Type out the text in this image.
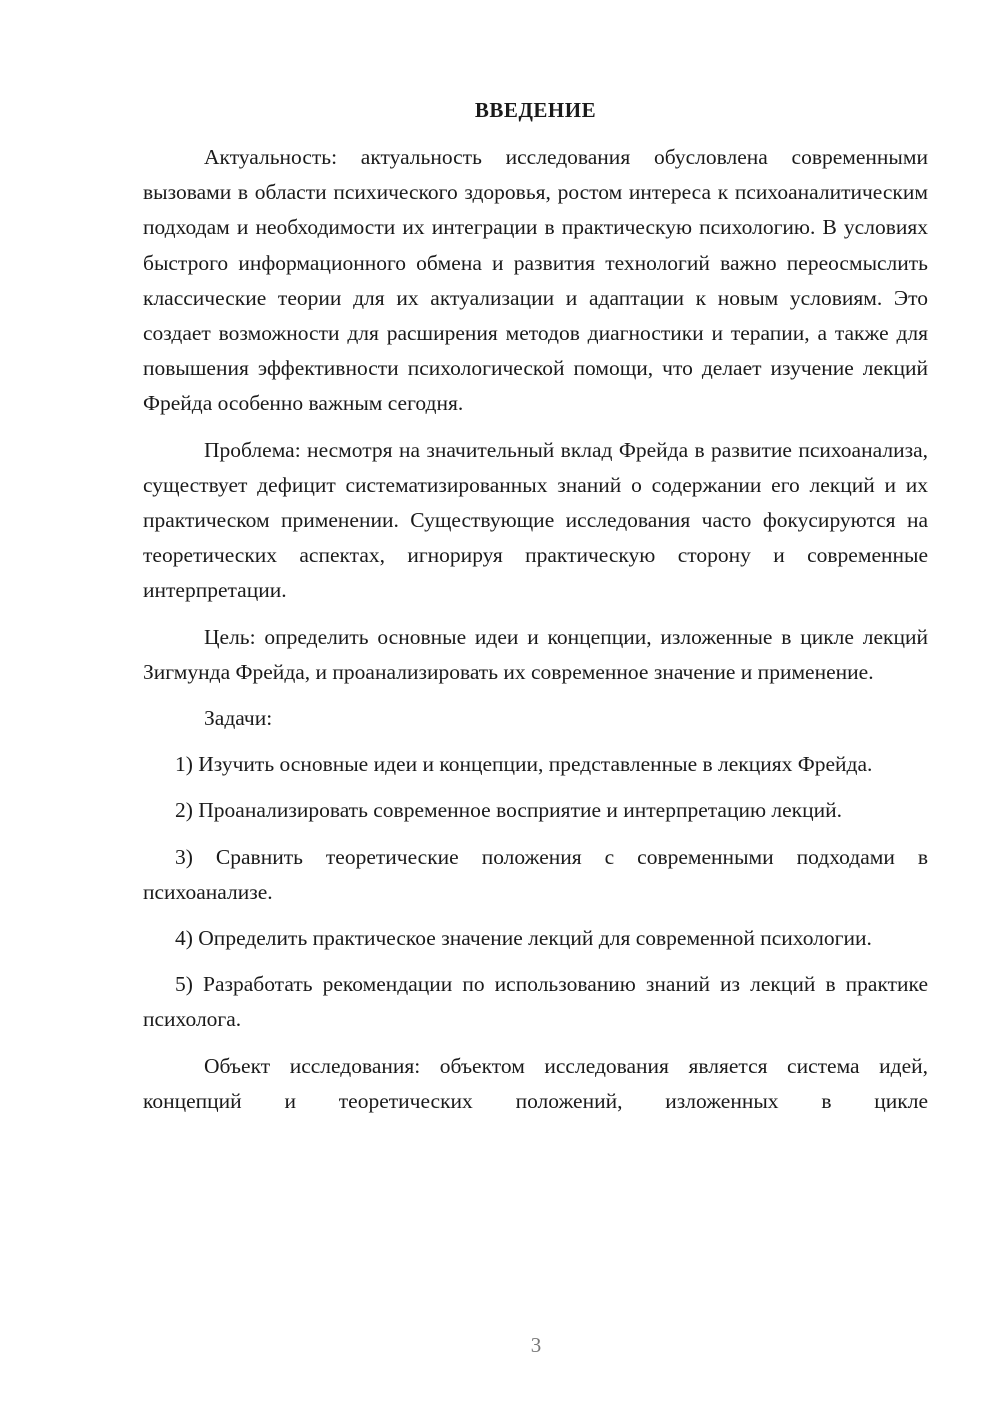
ВВЕДЕНИЕ

Актуальность: актуальность исследования обусловлена современными вызовами в области психического здоровья, ростом интереса к психоаналитическим подходам и необходимости их интеграции в практическую психологию. В условиях быстрого информационного обмена и развития технологий важно переосмыслить классические теории для их актуализации и адаптации к новым условиям. Это создает возможности для расширения методов диагностики и терапии, а также для повышения эффективности психологической помощи, что делает изучение лекций Фрейда особенно важным сегодня.

Проблема: несмотря на значительный вклад Фрейда в развитие психоанализа, существует дефицит систематизированных знаний о содержании его лекций и их практическом применении. Существующие исследования часто фокусируются на теоретических аспектах, игнорируя практическую сторону и современные интерпретации.

Цель: определить основные идеи и концепции, изложенные в цикле лекций Зигмунда Фрейда, и проанализировать их современное значение и применение.

Задачи:

1) Изучить основные идеи и концепции, представленные в лекциях Фрейда.

2) Проанализировать современное восприятие и интерпретацию лекций.

3) Сравнить теоретические положения с современными подходами в психоанализе.

4) Определить практическое значение лекций для современной психологии.

5) Разработать рекомендации по использованию знаний из лекций в практике психолога.

Объект исследования: объектом исследования является система идей, концепций и теоретических положений, изложенных в цикле

3
